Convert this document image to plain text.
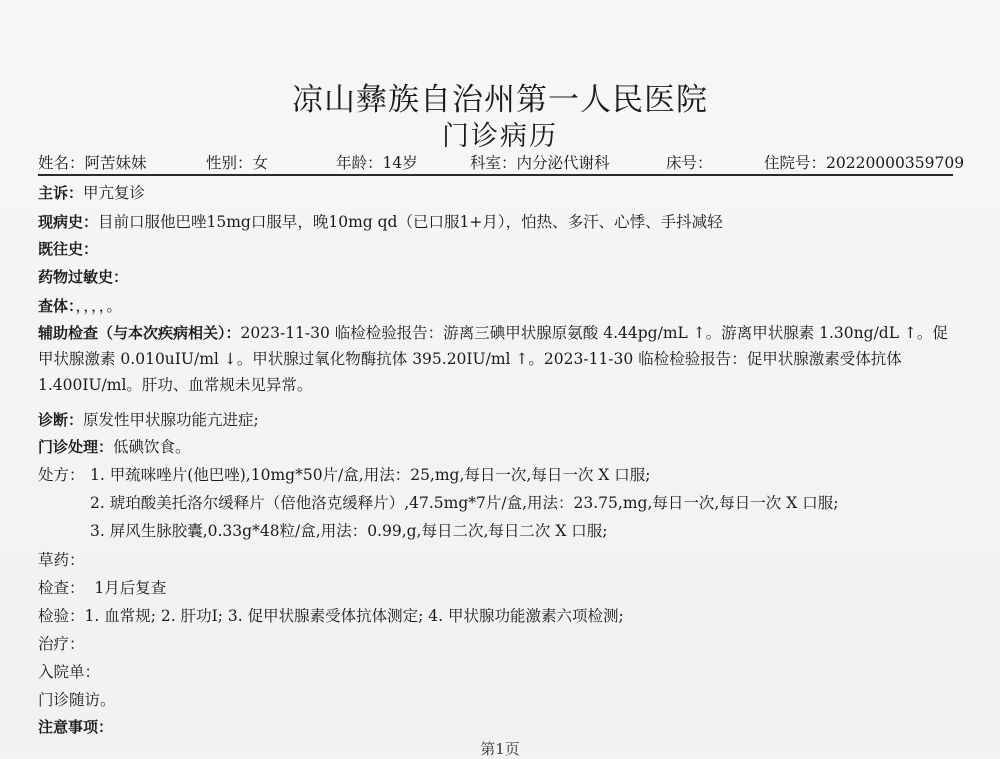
凉山彝族自治州第一人民医院
门诊病历
姓名：阿苦妹妹	性别：女	年龄：14岁	科室：内分泌代谢科	床号：	住院号：20220000359709
主诉：甲亢复诊
现病史：目前口服他巴唑15mg口服早，晚10mg qd（已口服1+月），怕热、多汗、心悸、手抖减轻
既往史：
药物过敏史：
查体：，，，，。
辅助检查（与本次疾病相关）：2023-11-30 临检检验报告：游离三碘甲状腺原氨酸 4.44pg/mL ↑。游离甲状腺素 1.30ng/dL ↑。促甲状腺激素 0.010uIU/ml ↓。甲状腺过氧化物酶抗体 395.20IU/ml ↑。2023-11-30 临检检验报告：促甲状腺激素受体抗体 1.400IU/ml。肝功、血常规未见异常。
诊断：原发性甲状腺功能亢进症;
门诊处理：低碘饮食。
处方： 1. 甲巯咪唑片(他巴唑),10mg*50片/盒,用法：25,mg,每日一次,每日一次 X 口服;
2. 琥珀酸美托洛尔缓释片（倍他洛克缓释片）,47.5mg*7片/盒,用法：23.75,mg,每日一次,每日一次 X 口服;
3. 屏风生脉胶囊,0.33g*48粒/盒,用法：0.99,g,每日二次,每日二次 X 口服;
草药：
检查： 1月后复查
检验：1. 血常规; 2. 肝功I; 3. 促甲状腺素受体抗体测定; 4. 甲状腺功能激素六项检测;
治疗：
入院单：
门诊随访。
注意事项：
第1页
